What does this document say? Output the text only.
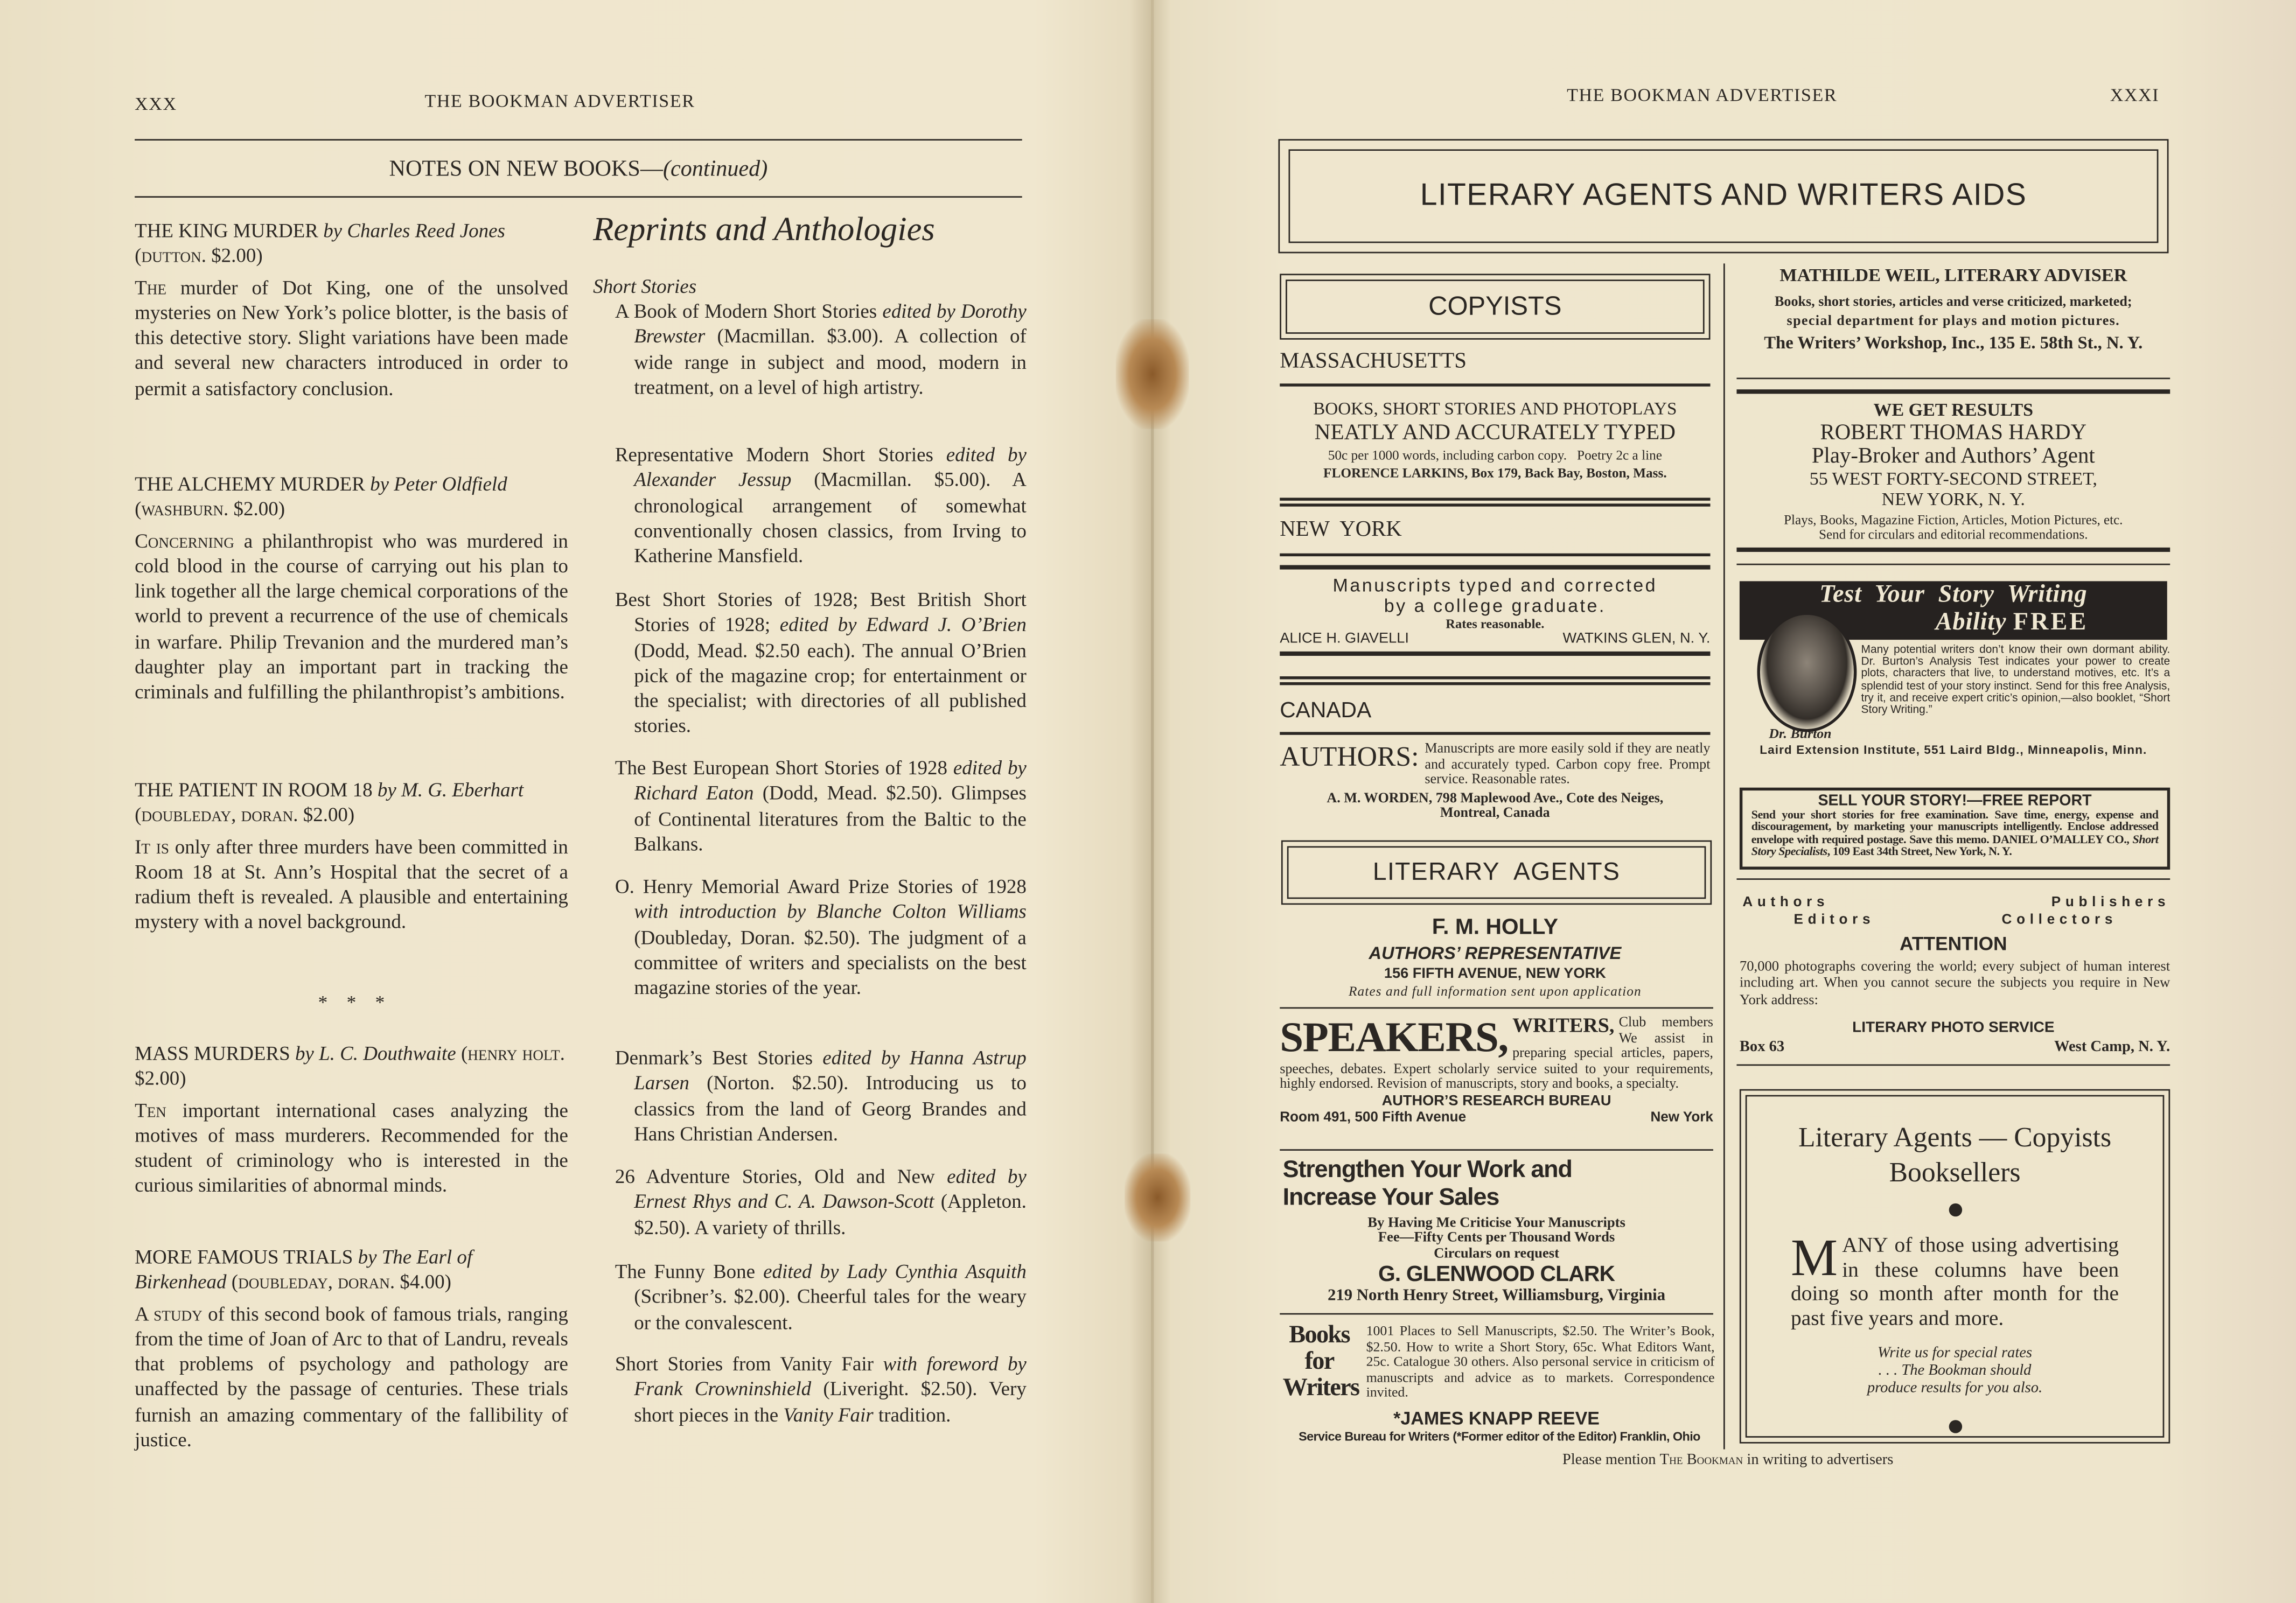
XXX	THE BOOKMAN ADVERTISER
NOTES ON NEW BOOKS—(continued)
THE KING MURDER by Charles Reed Jones (dutton. $2.00)
The murder of Dot King, one of the unsolved mysteries on New York’s police blotter, is the basis of this detective story. Slight variations have been made and several new characters introduced in order to permit a satisfactory conclusion.
THE ALCHEMY MURDER by Peter Oldfield (washburn. $2.00)
Concerning a philanthropist who was murdered in cold blood in the course of carrying out his plan to link together all the large chemical corporations of the world to prevent a recurrence of the use of chemicals in warfare. Philip Trevanion and the murdered man’s daughter play an important part in tracking the criminals and fulfilling the philanthropist’s ambitions.
THE PATIENT IN ROOM 18 by M. G. Eberhart (doubleday, doran. $2.00)
It is only after three murders have been committed in Room 18 at St. Ann’s Hospital that the secret of a radium theft is revealed. A plausible and entertaining mystery with a novel background.
*    *    *
MASS MURDERS by L. C. Douthwaite (henry holt. $2.00)
Ten important international cases analyzing the motives of mass murderers. Recommended for the student of criminology who is interested in the curious similarities of abnormal minds.
MORE FAMOUS TRIALS by The Earl of Birkenhead (doubleday, doran. $4.00)
A study of this second book of famous trials, ranging from the time of Joan of Arc to that of Landru, reveals that problems of psychology and pathology are unaffected by the passage of centuries. These trials furnish an amazing commentary of the fallibility of justice.
Reprints and Anthologies
Short Stories
A Book of Modern Short Stories edited by Dorothy Brewster (Macmillan. $3.00). A collection of wide range in subject and mood, modern in treatment, on a level of high artistry.
Representative Modern Short Stories edited by Alexander Jessup (Macmillan. $5.00). A chronological arrangement of somewhat conventionally chosen classics, from Irving to Katherine Mansfield.
Best Short Stories of 1928; Best British Short Stories of 1928; edited by Edward J. O’Brien (Dodd, Mead. $2.50 each). The annual O’Brien pick of the magazine crop; for entertainment or the specialist; with directories of all published stories.
The Best European Short Stories of 1928 edited by Richard Eaton (Dodd, Mead. $2.50). Glimpses of Continental literatures from the Baltic to the Balkans.
O. Henry Memorial Award Prize Stories of 1928 with introduction by Blanche Colton Williams (Doubleday, Doran. $2.50). The judgment of a committee of writers and specialists on the best magazine stories of the year.
Denmark’s Best Stories edited by Hanna Astrup Larsen (Norton. $2.50). Introducing us to classics from the land of Georg Brandes and Hans Christian Andersen.
26 Adventure Stories, Old and New edited by Ernest Rhys and C. A. Dawson-Scott (Appleton. $2.50). A variety of thrills.
The Funny Bone edited by Lady Cynthia Asquith (Scribner’s. $2.00). Cheerful tales for the weary or the convalescent.
Short Stories from Vanity Fair with foreword by Frank Crowninshield (Liveright. $2.50). Very short pieces in the Vanity Fair tradition.
THE BOOKMAN ADVERTISER	XXXI
LITERARY AGENTS AND WRITERS AIDS
COPYISTS
MASSACHUSETTS
BOOKS, SHORT STORIES AND PHOTOPLAYS
NEATLY AND ACCURATELY TYPED
50c per 1000 words, including carbon copy.   Poetry 2c a line
FLORENCE LARKINS, Box 179, Back Bay, Boston, Mass.
NEW  YORK
Manuscripts typed and corrected
by a college graduate.
Rates reasonable.
ALICE H. GIAVELLI	WATKINS GLEN, N. Y.
CANADA
AUTHORS: Manuscripts are more easily sold if they are neatly and accurately typed. Carbon copy free. Prompt service. Reasonable rates.
A. M. WORDEN, 798 Maplewood Ave., Cote des Neiges,
Montreal, Canada
LITERARY  AGENTS
F. M. HOLLY
AUTHORS’ REPRESENTATIVE
156 FIFTH AVENUE, NEW YORK
Rates and full information sent upon application
SPEAKERS, WRITERS, Club members We assist in preparing special articles, papers, speeches, debates. Expert scholarly service suited to your requirements, highly endorsed. Revision of manuscripts, story and books, a specialty.
AUTHOR’S RESEARCH BUREAU
Room 491, 500 Fifth Avenue	New York
Strengthen Your Work and
Increase Your Sales
By Having Me Criticise Your Manuscripts
Fee—Fifty Cents per Thousand Words
Circulars on request
G. GLENWOOD CLARK
219 North Henry Street, Williamsburg, Virginia
Books
for
Writers
1001 Places to Sell Manuscripts, $2.50. The Writer’s Book, $2.50. How to write a Short Story, 65c. What Editors Want, 25c. Catalogue 30 others. Also personal service in criticism of manuscripts and advice as to markets. Correspondence invited.
*JAMES KNAPP REEVE
Service Bureau for Writers (*Former editor of the Editor) Franklin, Ohio
MATHILDE WEIL, LITERARY ADVISER
Books, short stories, articles and verse criticized, marketed;
special department for plays and motion pictures.
The Writers’ Workshop, Inc., 135 E. 58th St., N. Y.
WE GET RESULTS
ROBERT THOMAS HARDY
Play-Broker and Authors’ Agent
55 WEST FORTY-SECOND STREET,
NEW YORK, N. Y.
Plays, Books, Magazine Fiction, Articles, Motion Pictures, etc.
Send for circulars and editorial recommendations.
Test  Your  Story  Writing
Ability FREE
Many potential writers don’t know their own dormant ability. Dr. Burton’s Analysis Test indicates your power to create plots, characters that live, to understand motives, etc. It’s a splendid test of your story instinct. Send for this free Analysis, try it, and receive expert critic’s opinion,—also booklet, “Short Story Writing.”
Dr. Burton
Laird Extension Institute, 551 Laird Bldg., Minneapolis, Minn.
SELL YOUR STORY!—FREE REPORT
Send your short stories for free examination. Save time, energy, expense and discouragement, by marketing your manuscripts intelligently. Enclose addressed envelope with required postage. Save this memo. DANIEL O’MALLEY CO., Short Story Specialists, 109 East 34th Street, New York, N. Y.
Authors	Publishers
Editors	Collectors
ATTENTION
70,000 photographs covering the world; every subject of human interest including art. When you cannot secure the subjects you require in New York address:
LITERARY PHOTO SERVICE
Box 63	West Camp, N. Y.
Literary Agents — Copyists
Booksellers
MANY of those using advertising in these columns have been doing so month after month for the past five years and more.
Write us for special rates
. . . The Bookman should
produce results for you also.
Please mention The Bookman in writing to advertisers
